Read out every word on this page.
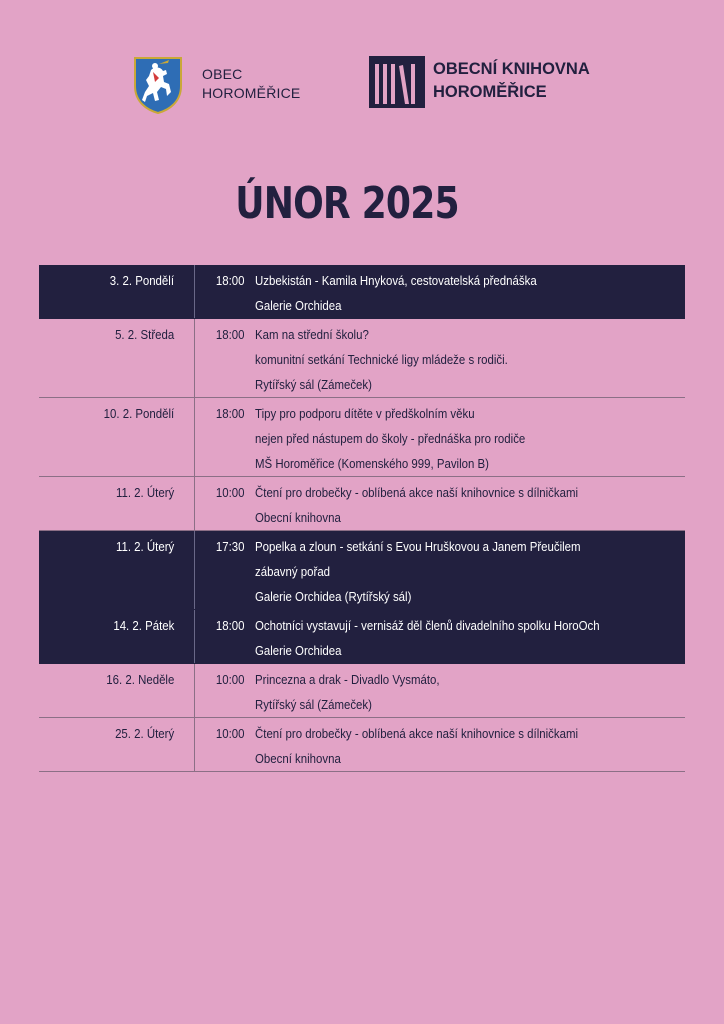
OBEC
HOROMĚŘICE
OBECNÍ KNIHOVNA
HOROMĚŘICE
ÚNOR 2025
3. 2. Pondělí	18:00 Uzbekistán - Kamila Hnyková, cestovatelská přednáška
Galerie Orchidea
5. 2. Středa	18:00 Kam na střední školu?
komunitní setkání Technické ligy mládeže s rodiči.
Rytířský sál (Zámeček)
10. 2. Pondělí	18:00 Tipy pro podporu dítěte v předškolním věku
nejen před nástupem do školy - přednáška pro rodiče
MŠ Horoměřice (Komenského 999, Pavilon B)
11. 2. Úterý	10:00 Čtení pro drobečky - oblíbená akce naší knihovnice s dílničkami
Obecní knihovna
11. 2. Úterý	17:30 Popelka a zloun - setkání s Evou Hruškovou a Janem Přeučilem
zábavný pořad
Galerie Orchidea (Rytířský sál)
14. 2. Pátek	18:00 Ochotníci vystavují - vernisáž děl členů divadelního spolku HoroOch
Galerie Orchidea
16. 2. Neděle	10:00 Princezna a drak - Divadlo Vysmáto,
Rytířský sál (Zámeček)
25. 2. Úterý	10:00 Čtení pro drobečky - oblíbená akce naší knihovnice s dílničkami
Obecní knihovna
